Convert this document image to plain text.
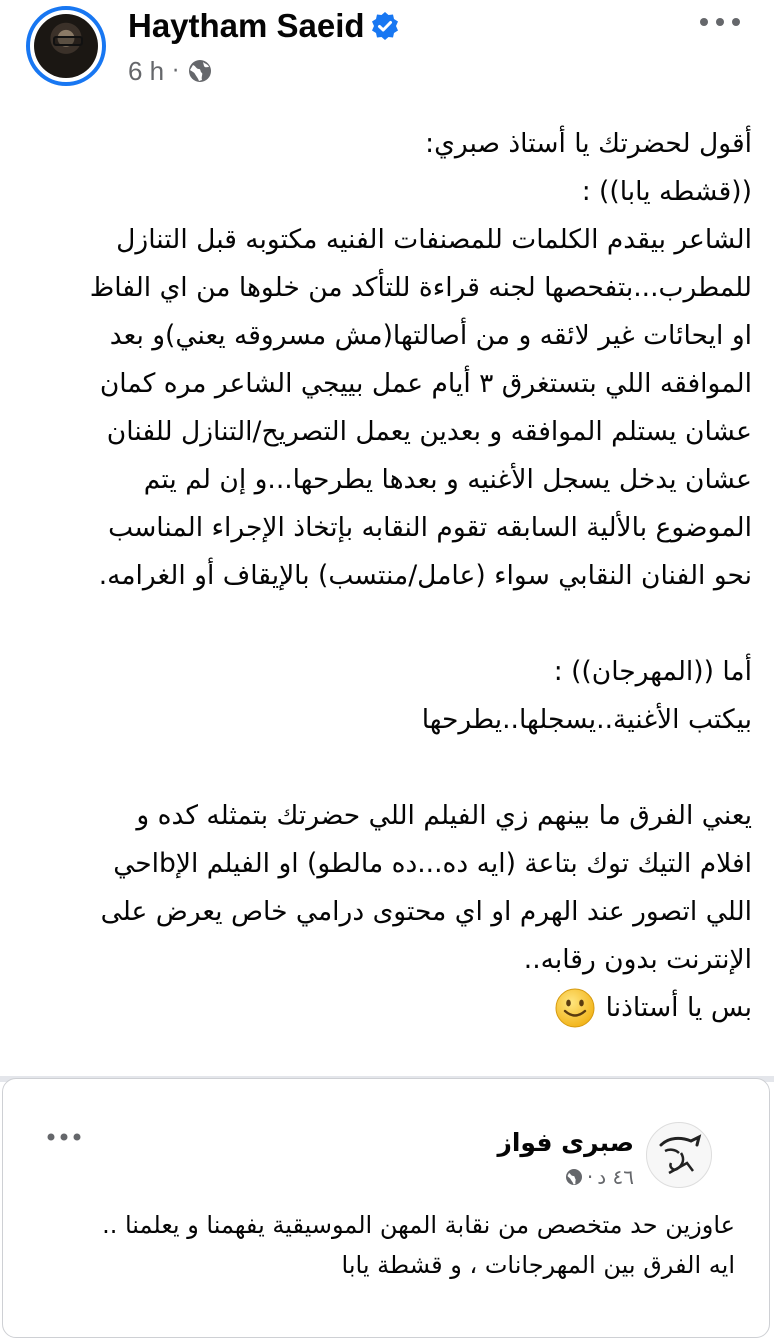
Haytham Saeid
6 h ·
أقول لحضرتك يا أستاذ صبري:
((قشطه يابا)) :
الشاعر بيقدم الكلمات للمصنفات الفنيه مكتوبه قبل التنازل
للمطرب...بتفحصها لجنه قراءة للتأكد من خلوها من اي الفاظ
او ايحائات غير لائقه و من أصالتها(مش مسروقه يعني)و بعد
الموافقه اللي بتستغرق ٣ أيام عمل بييجي الشاعر مره كمان
عشان يستلم الموافقه و بعدين يعمل التصريح/التنازل للفنان
عشان يدخل يسجل الأغنيه و بعدها يطرحها...و إن لم يتم
الموضوع بالألية السابقه تقوم النقابه بإتخاذ الإجراء المناسب
نحو الفنان النقابي سواء (عامل/منتسب) بالإيقاف أو الغرامه.
أما ((المهرجان)) :
بيكتب الأغنية..يسجلها..يطرحها
يعني الفرق ما بينهم زي الفيلم اللي حضرتك بتمثله كده و
افلام التيك توك بتاعة (ايه ده...ده مالطو) او الفيلم الإbاحي
اللي اتصور عند الهرم او اي محتوى درامي خاص يعرض على
الإنترنت بدون رقابه..
بس يا أستاذنا
صبرى فواز
٤٦ د
·
عاوزين حد متخصص من نقابة المهن الموسيقية يفهمنا و يعلمنا ..
ايه الفرق بين المهرجانات ، و قشطة يابا
